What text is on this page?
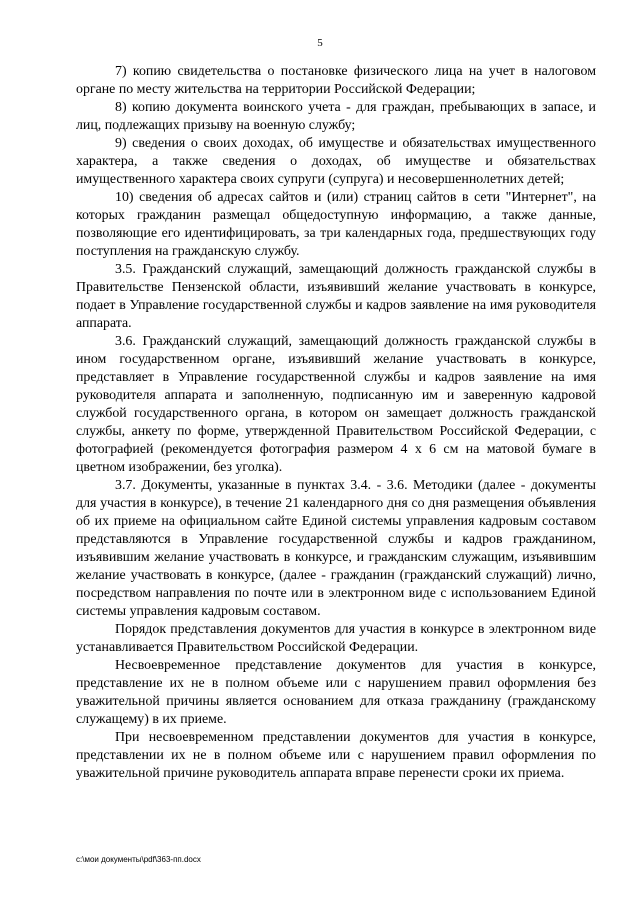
5

7) копию свидетельства о постановке физического лица на учет в налоговом органе по месту жительства на территории Российской Федерации;

8) копию документа воинского учета - для граждан, пребывающих в запасе, и лиц, подлежащих призыву на военную службу;

9) сведения о своих доходах, об имуществе и обязательствах имущественного характера, а также сведения о доходах, об имуществе и обязательствах имущественного характера своих супруги (супруга) и несовершеннолетних детей;

10) сведения об адресах сайтов и (или) страниц сайтов в сети "Интернет", на которых гражданин размещал общедоступную информацию, а также данные, позволяющие его идентифицировать, за три календарных года, предшествующих году поступления на гражданскую службу.

3.5. Гражданский служащий, замещающий должность гражданской службы в Правительстве Пензенской области, изъявивший желание участвовать в конкурсе, подает в Управление государственной службы и кадров заявление на имя руководителя аппарата.

3.6. Гражданский служащий, замещающий должность гражданской службы в ином государственном органе, изъявивший желание участвовать в конкурсе, представляет в Управление государственной службы и кадров заявление на имя руководителя аппарата и заполненную, подписанную им и заверенную кадровой службой государственного органа, в котором он замещает должность гражданской службы, анкету по форме, утвержденной Правительством Российской Федерации, с фотографией (рекомендуется фотография размером 4 х 6 см на матовой бумаге в цветном изображении, без уголка).

3.7. Документы, указанные в пунктах 3.4. - 3.6. Методики (далее - документы для участия в конкурсе), в течение 21 календарного дня со дня размещения объявления об их приеме на официальном сайте Единой системы управления кадровым составом представляются в Управление государственной службы и кадров гражданином, изъявившим желание участвовать в конкурсе, и гражданским служащим, изъявившим желание участвовать в конкурсе, (далее - гражданин (гражданский служащий) лично, посредством направления по почте или в электронном виде с использованием Единой системы управления кадровым составом.

Порядок представления документов для участия в конкурсе в электронном виде устанавливается Правительством Российской Федерации.

Несвоевременное представление документов для участия в конкурсе, представление их не в полном объеме или с нарушением правил оформления без уважительной причины является основанием для отказа гражданину (гражданскому служащему) в их приеме.

При несвоевременном представлении документов для участия в конкурсе, представлении их не в полном объеме или с нарушением правил оформления по уважительной причине руководитель аппарата вправе перенести сроки их приема.

c:\мои документы\pdf\363-пп.docx
